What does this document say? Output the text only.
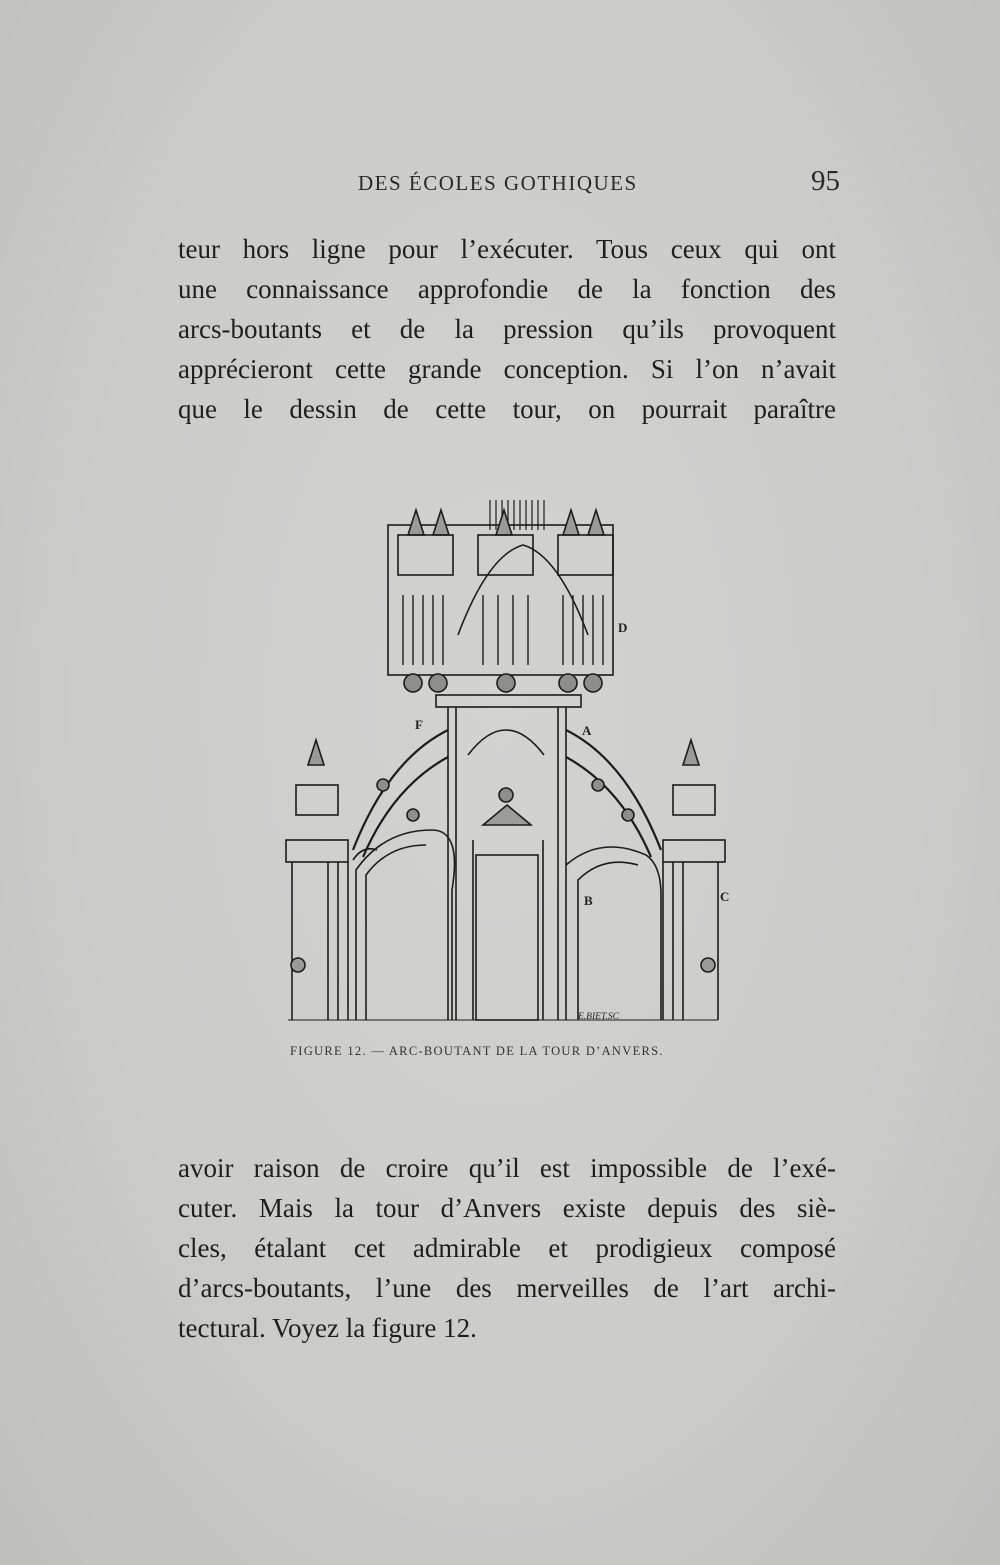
DES ÉCOLES GOTHIQUES	95
teur hors ligne pour l’exécuter. Tous ceux qui ont
une connaissance approfondie de la fonction des
arcs-boutants et de la pression qu’ils provoquent
apprécieront cette grande conception. Si l’on n’avait
que le dessin de cette tour, on pourrait paraître
D
F	A
B	C
E.BIET.SC
FIGURE 12. — ARC-BOUTANT DE LA TOUR D’ANVERS.
avoir raison de croire qu’il est impossible de l’exé-
cuter. Mais la tour d’Anvers existe depuis des siè-
cles, étalant cet admirable et prodigieux composé
d’arcs-boutants, l’une des merveilles de l’art archi-
tectural. Voyez la figure 12.
